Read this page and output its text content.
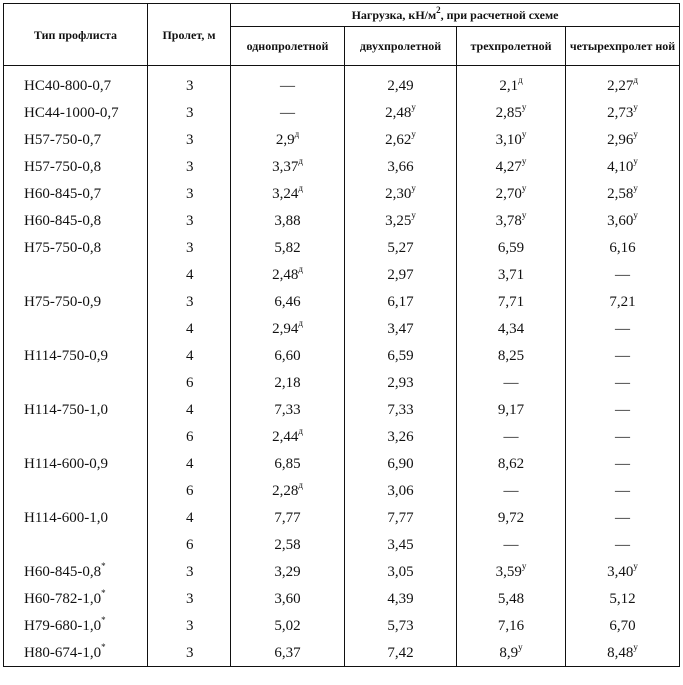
Тип профлиста	Пролет, м	Нагрузка, $кН/м^2$, при расчетной схеме			
		однопролетной	двухпролетной	трехпролетной	четырехпролет ной
НС40-800-0,7	3	—	2,49	$2,1^д$	$2,27^д$
НС44-1000-0,7	3	—	$2,48^у$	$2,85^у$	$2,73^у$
Н57-750-0,7	3	$2,9^д$	$2,62^у$	$3,10^у$	$2,96^у$
Н57-750-0,8	3	$3,37^д$	3,66	$4,27^у$	$4,10^у$
Н60-845-0,7	3	$3,24^д$	$2,30^у$	$2,70^у$	$2,58^у$
Н60-845-0,8	3	3,88	$3,25^у$	$3,78^у$	$3,60^у$
Н75-750-0,8	3	5,82	5,27	6,59	6,16
	4	$2,48^д$	2,97	3,71	—
Н75-750-0,9	3	6,46	6,17	7,71	7,21
	4	$2,94^д$	3,47	4,34	—
Н114-750-0,9	4	6,60	6,59	8,25	—
	6	2,18	2,93	—	—
Н114-750-1,0	4	7,33	7,33	9,17	—
	6	$2,44^д$	3,26	—	—
Н114-600-0,9	4	6,85	6,90	8,62	—
	6	$2,28^д$	3,06	—	—
Н114-600-1,0	4	7,77	7,77	9,72	—
	6	2,58	3,45	—	—
Н60-845-0,8*	3	3,29	3,05	$3,59^у$	$3,40^у$
Н60-782-1,0*	3	3,60	4,39	5,48	5,12
Н79-680-1,0*	3	5,02	5,73	7,16	6,70
Н80-674-1,0*	3	6,37	7,42	$8,9^у$	$8,48^у$
